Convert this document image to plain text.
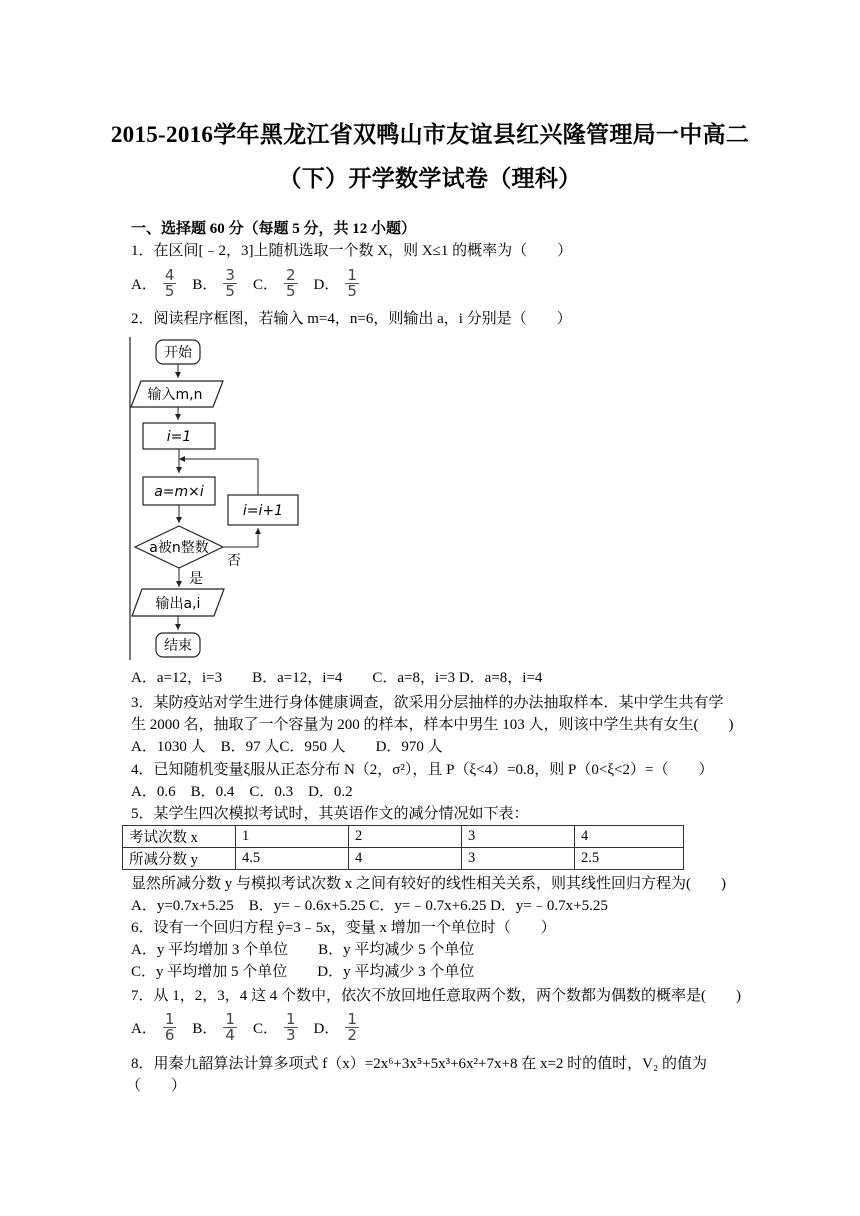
2015-2016学年黑龙江省双鸭山市友谊县红兴隆管理局一中高二
（下）开学数学试卷（理科）
一、选择题 60 分（每题 5 分，共 12 小题）
1．在区间[﹣2，3]上随机选取一个数 X，则 X≤1 的概率为（　　）
A． $\frac{4}{5}$ B． $\frac{3}{5}$ C． $\frac{2}{5}$ D． $\frac{1}{5}$
2．阅读程序框图，若输入 m=4，n=6，则输出 a，i 分别是（　　）
开始
输入m,n
i=1
a=m×i
i=i+1
a被n整数
否
是
输出a,i
结束
A．a=12，i=3　　B．a=12，i=4　　C．a=8，i=3 D．a=8，i=4
3．某防疫站对学生进行身体健康调查，欲采用分层抽样的办法抽取样本．某中学生共有学
生 2000 名，抽取了一个容量为 200 的样本，样本中男生 103 人，则该中学生共有女生(　　)
A．1030 人　B．97 人C．950 人　　D．970 人
4．已知随机变量ξ服从正态分布 N（2，σ²），且 P（ξ<4）=0.8，则 P（0<ξ<2）=（　　）
A．0.6　B．0.4　C．0.3　D．0.2
5．某学生四次模拟考试时，其英语作文的减分情况如下表：
考试次数 x	1	2	3	4
所减分数 y	4.5	4	3	2.5
显然所减分数 y 与模拟考试次数 x 之间有较好的线性相关关系，则其线性回归方程为(　　)
A．y=0.7x+5.25　B．y=﹣0.6x+5.25 C．y=﹣0.7x+6.25 D．y=﹣0.7x+5.25
6．设有一个回归方程 ŷ=3﹣5x，变量 x 增加一个单位时（　　）
A．y 平均增加 3 个单位　　B．y 平均减少 5 个单位
C．y 平均增加 5 个单位　　D．y 平均减少 3 个单位
7．从 1，2，3，4 这 4 个数中，依次不放回地任意取两个数，两个数都为偶数的概率是(　　)
A． $\frac{1}{6}$ B． $\frac{1}{4}$ C． $\frac{1}{3}$ D． $\frac{1}{2}$
8．用秦九韶算法计算多项式 f（x）=2x⁶+3x⁵+5x³+6x²+7x+8 在 x=2 时的值时，V₂ 的值为
（　　）
